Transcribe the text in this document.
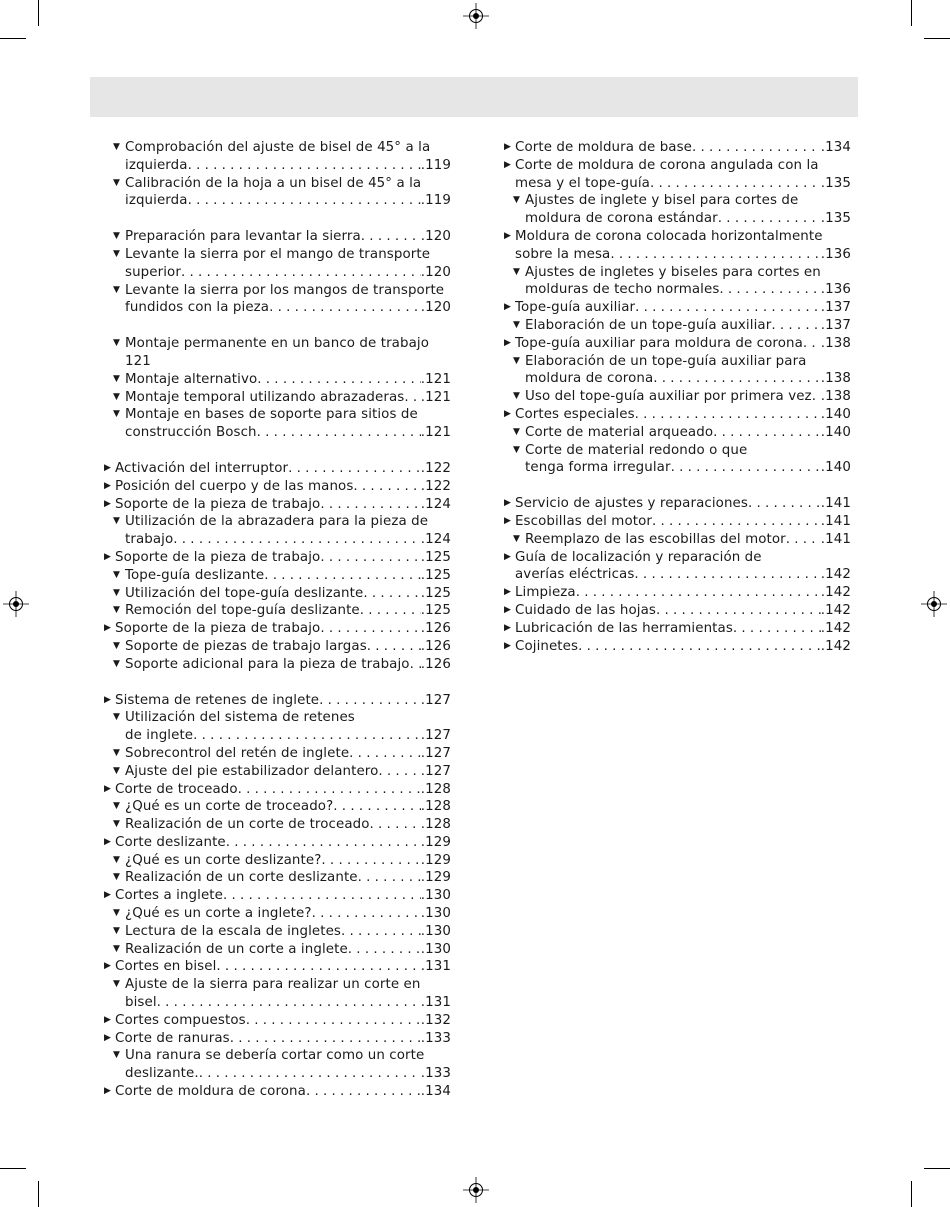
▼ Comprobación del ajuste de bisel de 45° a la
izquierda . . .	.119
▼ Calibración de la hoja a un bisel de 45° a la
izquierda . . .	.119
▼ Preparación para levantar la sierra . . .	.120
▼ Levante la sierra por el mango de transporte
superior . . .	.120
▼ Levante la sierra por los mangos de transporte
fundidos con la pieza . . .	.120
▼ Montaje permanente en un banco de trabajo
121
▼ Montaje alternativo . . .	.121
▼ Montaje temporal utilizando abrazaderas . . . .121
▼ Montaje en bases de soporte para sitios de
construcción Bosch . . .	.121
▶ Activación del interruptor . . .	.122
▶ Posición del cuerpo y de las manos . . .	.122
▶ Soporte de la pieza de trabajo . . .	.124
▼ Utilización de la abrazadera para la pieza de
trabajo . . .	.124
▶ Soporte de la pieza de trabajo . . .	.125
▼ Tope-guía deslizante . . .	.125
▼ Utilización del tope-guía deslizante . . .	.125
▼ Remoción del tope-guía deslizante . . .	.125
▶ Soporte de la pieza de trabajo . . .	.126
▼ Soporte de piezas de trabajo largas . . .	.126
▼ Soporte adicional para la pieza de trabajo . . . .126
▶ Sistema de retenes de inglete . . .	.127
▼ Utilización del sistema de retenes
de inglete . . .	.127
▼ Sobrecontrol del retén de inglete . . .	.127
▼ Ajuste del pie estabilizador delantero . . .	.127
▶ Corte de troceado . . .	.128
▼ ¿Qué es un corte de troceado? . . .	.128
▼ Realización de un corte de troceado . . .	.128
▶ Corte deslizante . . .	.129
▼ ¿Qué es un corte deslizante? . . .	.129
▼ Realización de un corte deslizante . . .	.129
▶ Cortes a inglete . . .	.130
▼ ¿Qué es un corte a inglete? . . .	.130
▼ Lectura de la escala de ingletes . . .	.130
▼ Realización de un corte a inglete . . .	.130
▶ Cortes en bisel . . .	.131
▼ Ajuste de la sierra para realizar un corte en
bisel . . .	.131
▶ Cortes compuestos . . .	.132
▶ Corte de ranuras . . .	.133
▼ Una ranura se debería cortar como un corte
deslizante. . . .	.133
▶ Corte de moldura de corona . . .	.134
▶ Corte de moldura de base . . .	.134
▶ Corte de moldura de corona angulada con la
mesa y el tope-guía . . .	.135
▼ Ajustes de inglete y bisel para cortes de
moldura de corona estándar . . .	.135
▶ Moldura de corona colocada horizontalmente
sobre la mesa . . .	.136
▼ Ajustes de ingletes y biseles para cortes en
molduras de techo normales . . .	.136
▶ Tope-guía auxiliar . . .	.137
▼ Elaboración de un tope-guía auxiliar . . .	.137
▶ Tope-guía auxiliar para moldura de corona . . . .138
▼ Elaboración de un tope-guía auxiliar para
moldura de corona . . .	.138
▼ Uso del tope-guía auxiliar por primera vez . . . .138
▶ Cortes especiales . . .	.140
▼ Corte de material arqueado . . .	.140
▼ Corte de material redondo o que
tenga forma irregular . . .	.140
▶ Servicio de ajustes y reparaciones . . .	.141
▶ Escobillas del motor . . .	.141
▼ Reemplazo de las escobillas del motor . . .	.141
▶ Guía de localización y reparación de
averías eléctricas . . .	.142
▶ Limpieza . . .	.142
▶ Cuidado de las hojas . . .	.142
▶ Lubricación de las herramientas . . .	.142
▶ Cojinetes . . .	.142
